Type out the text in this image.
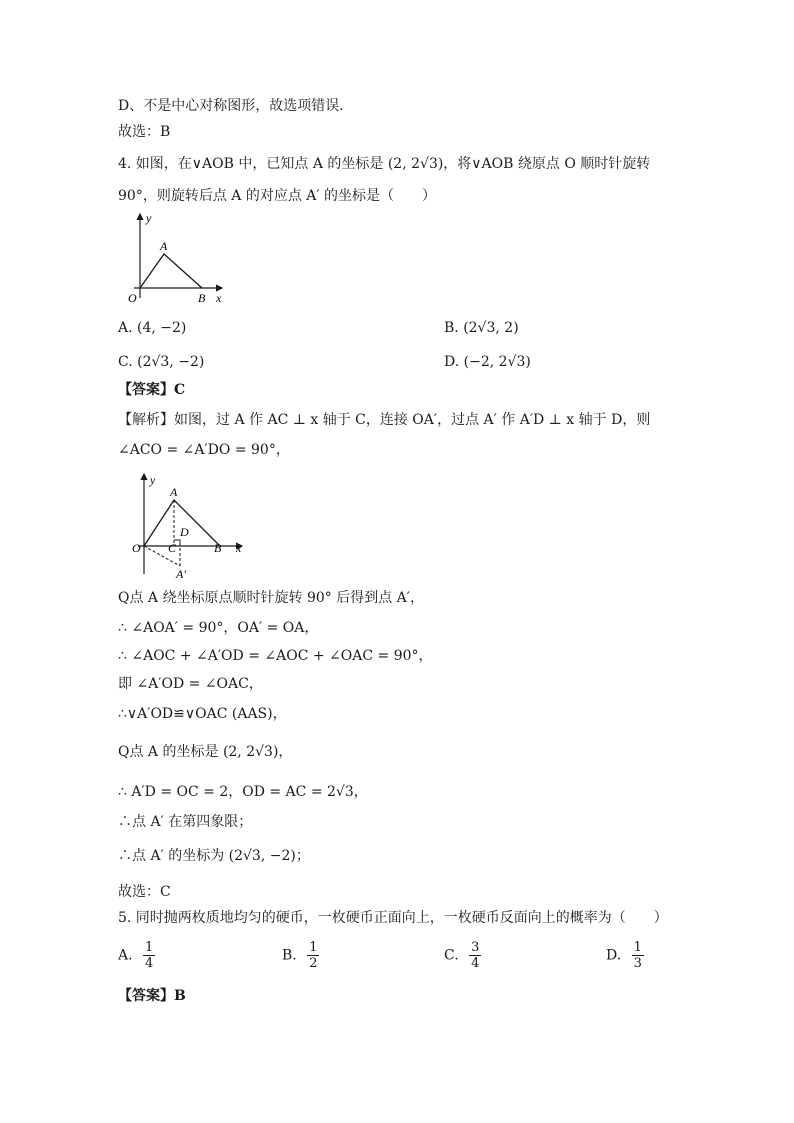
D、不是中心对称图形，故选项错误．
故选：B
4. 如图，在∨AOB 中，已知点 A 的坐标是 (2, 2√3)，将∨AOB 绕原点 O 顺时针旋转
90°，则旋转后点 A 的对应点 A′ 的坐标是（　　）
y
A
O	B x
A. (4, −2)	B. (2√3, 2)
C. (2√3, −2)	D. (−2, 2√3)
【答案】C
【解析】如图，过 A 作 AC ⊥ x 轴于 C，连接 OA′，过点 A′ 作 A′D ⊥ x 轴于 D，则
∠ACO = ∠A′DO = 90°，
y
A
D
O C	B x
A′
Q点 A 绕坐标原点顺时针旋转 90° 后得到点 A′，
∴ ∠AOA′ = 90°，OA′ = OA，
∴ ∠AOC + ∠A′OD = ∠AOC + ∠OAC = 90°，
即 ∠A′OD = ∠OAC，
∴∨A′OD≌∨OAC (AAS)，
Q点 A 的坐标是 (2, 2√3)，
∴ A′D = OC = 2，OD = AC = 2√3，
∴点 A′ 在第四象限；
∴点 A′ 的坐标为 (2√3, −2)；
故选：C
5. 同时抛两枚质地均匀的硬币，一枚硬币正面向上，一枚硬币反面向上的概率为（　　）
A. $\frac{1}{4}$	B. $\frac{1}{2}$	C. $\frac{3}{4}$	D. $\frac{1}{3}$
【答案】B
